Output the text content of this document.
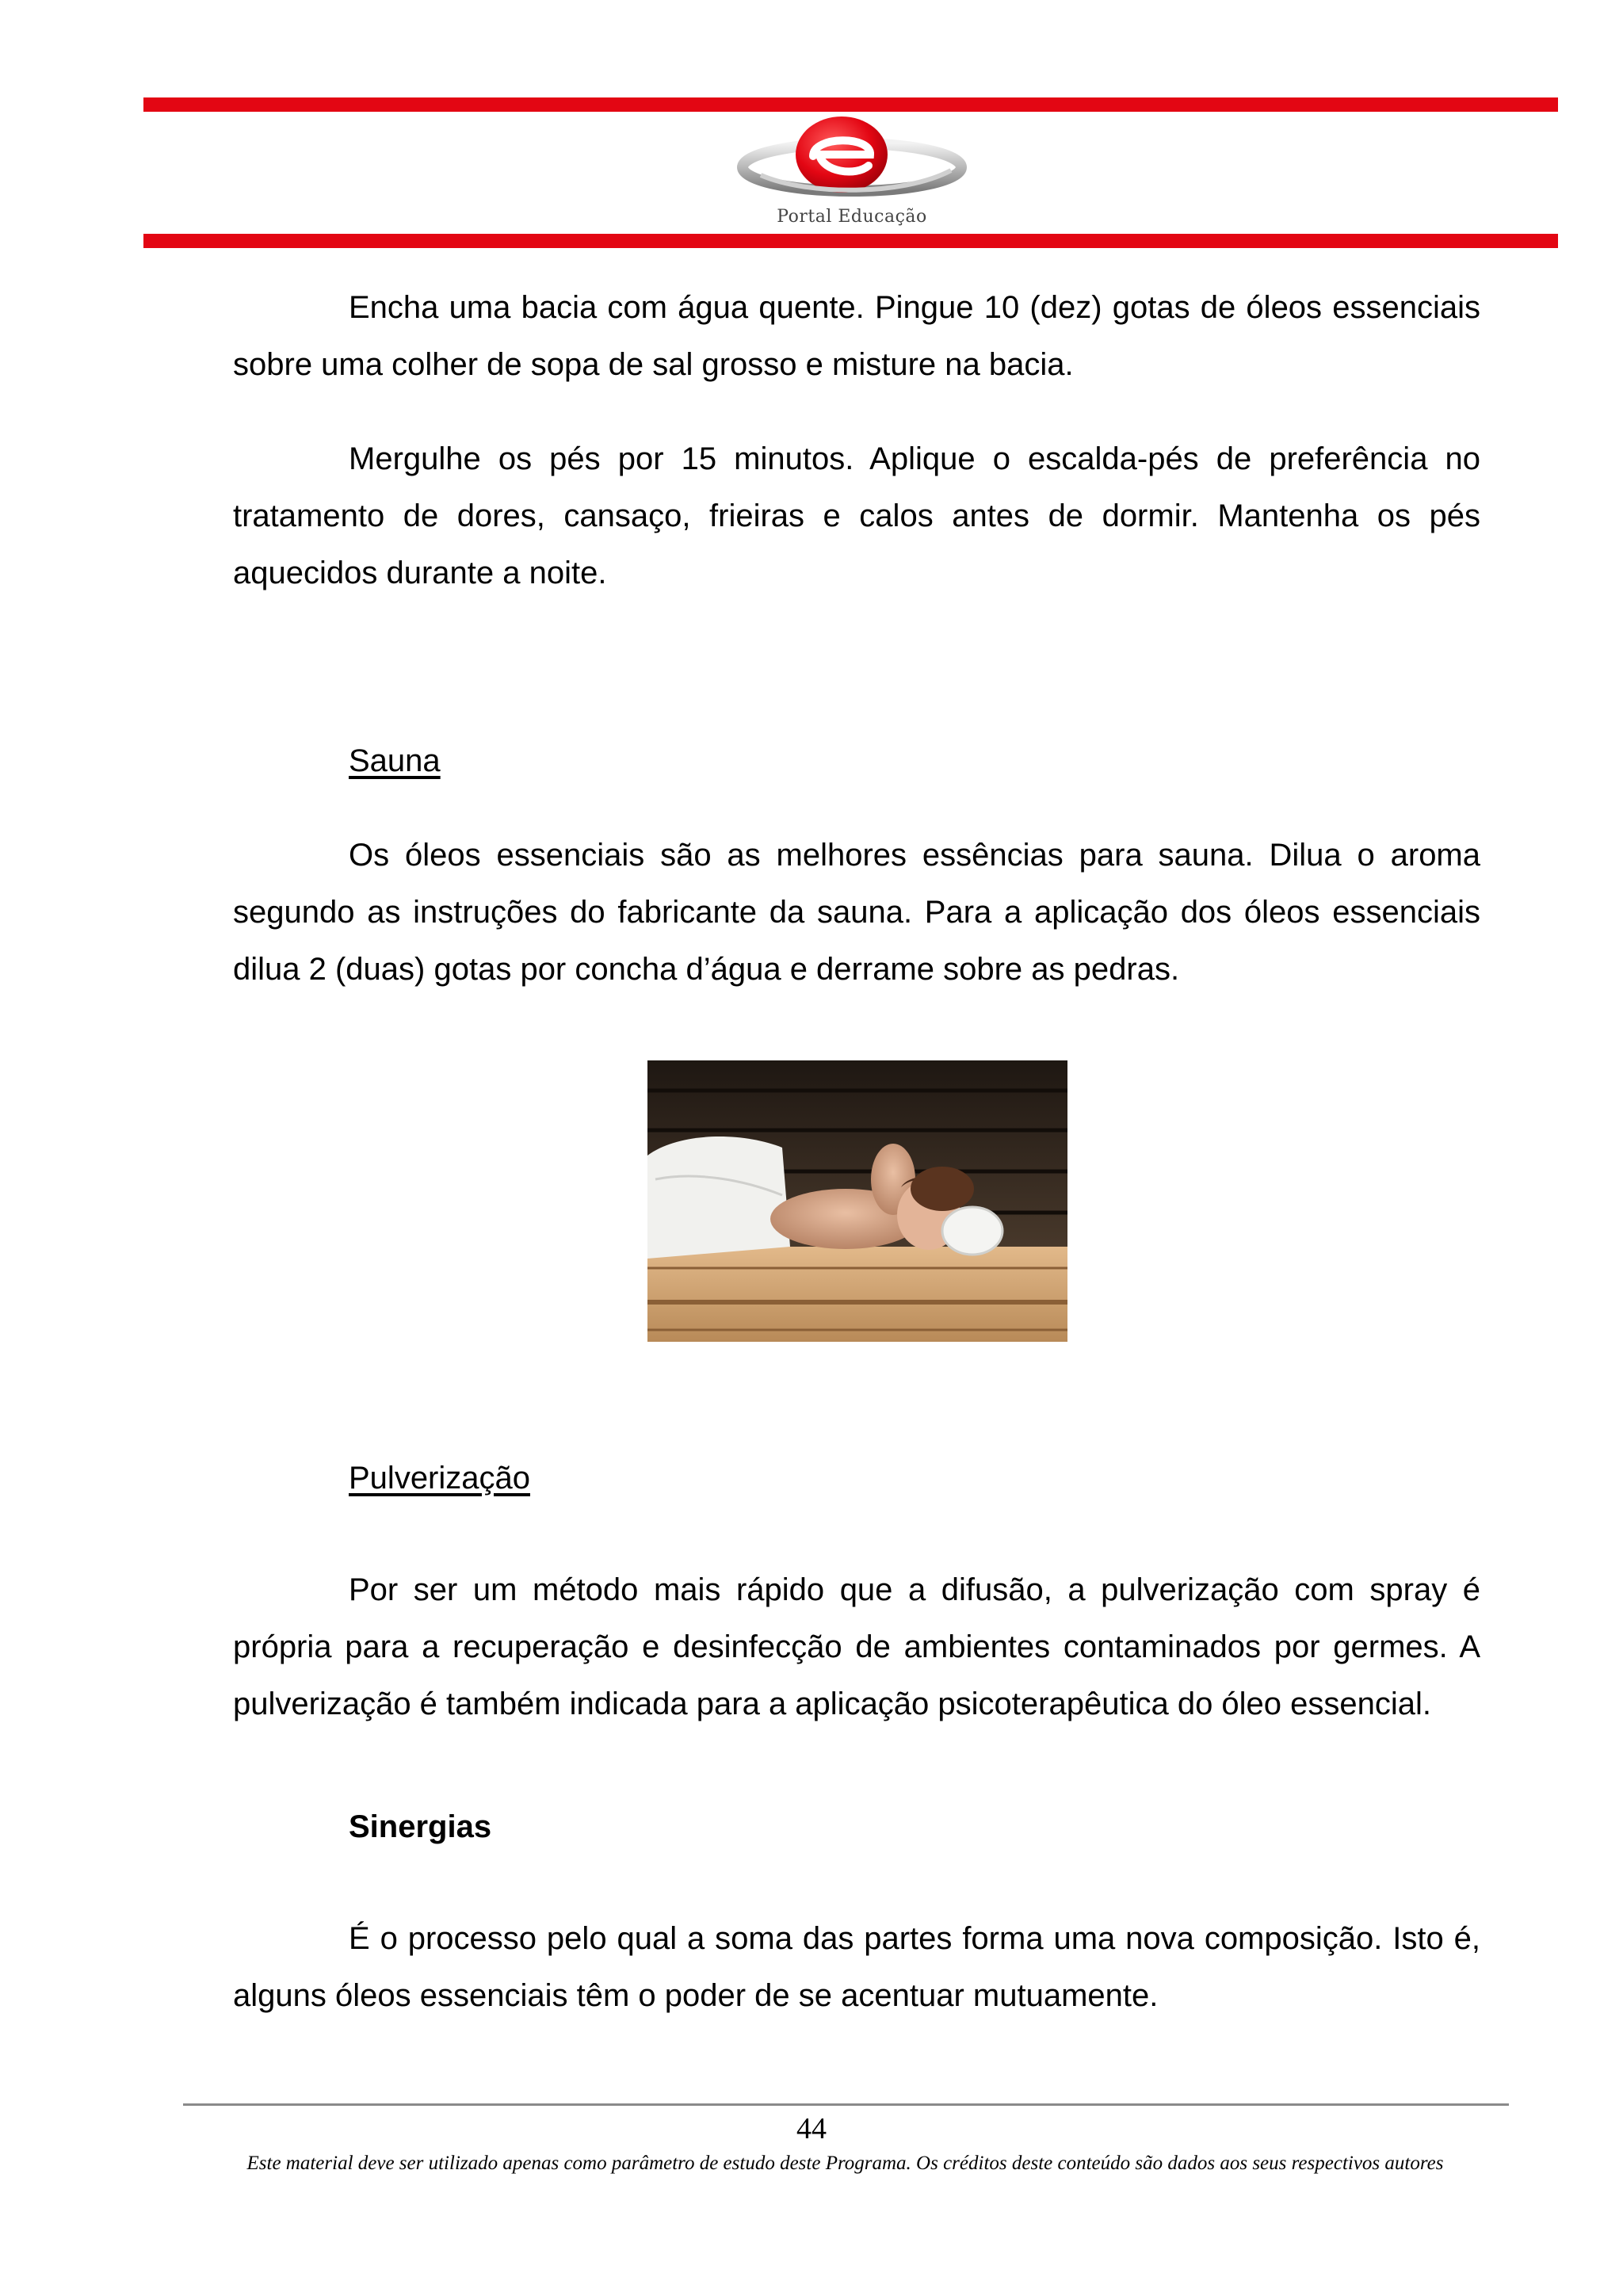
Portal Educação

Encha uma bacia com água quente. Pingue 10 (dez) gotas de óleos essenciais sobre uma colher de sopa de sal grosso e misture na bacia.

Mergulhe os pés por 15 minutos. Aplique o escalda-pés de preferência no tratamento de dores, cansaço, frieiras e calos antes de dormir. Mantenha os pés aquecidos durante a noite.

Sauna

Os óleos essenciais são as melhores essências para sauna. Dilua o aroma segundo as instruções do fabricante da sauna. Para a aplicação dos óleos essenciais dilua 2 (duas) gotas por concha d’água e derrame sobre as pedras.

Pulverização

Por ser um método mais rápido que a difusão, a pulverização com spray é própria para a recuperação e desinfecção de ambientes contaminados por germes. A pulverização é também indicada para a aplicação psicoterapêutica do óleo essencial.

Sinergias

É o processo pelo qual a soma das partes forma uma nova composição. Isto é, alguns óleos essenciais têm o poder de se acentuar mutuamente.

44
Este material deve ser utilizado apenas como parâmetro de estudo deste Programa. Os créditos deste conteúdo são dados aos seus respectivos autores
